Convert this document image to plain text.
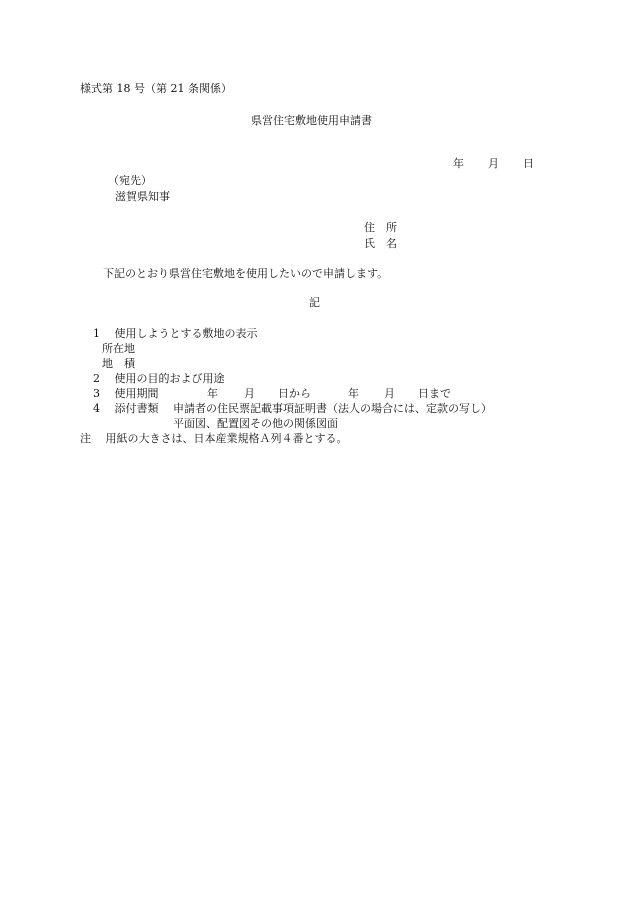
様式第 18 号（第 21 条関係）
県営住宅敷地使用申請書

年 月 日

（宛先）
滋賀県知事
住　所
氏　名
下記のとおり県営住宅敷地を使用したいので申請します。
記
1　 使用しようとする敷地の表示
所在地
地　積
2　 使用の目的および用途
3　 使用期間	年 月 日から	年 月 日まで
4　 添付書類 申請者の住民票記載事項証明書（法人の場合には、定款の写し）
平面図、配置図その他の関係図面
注　 用紙の大きさは、日本産業規格Ａ列４番とする。
